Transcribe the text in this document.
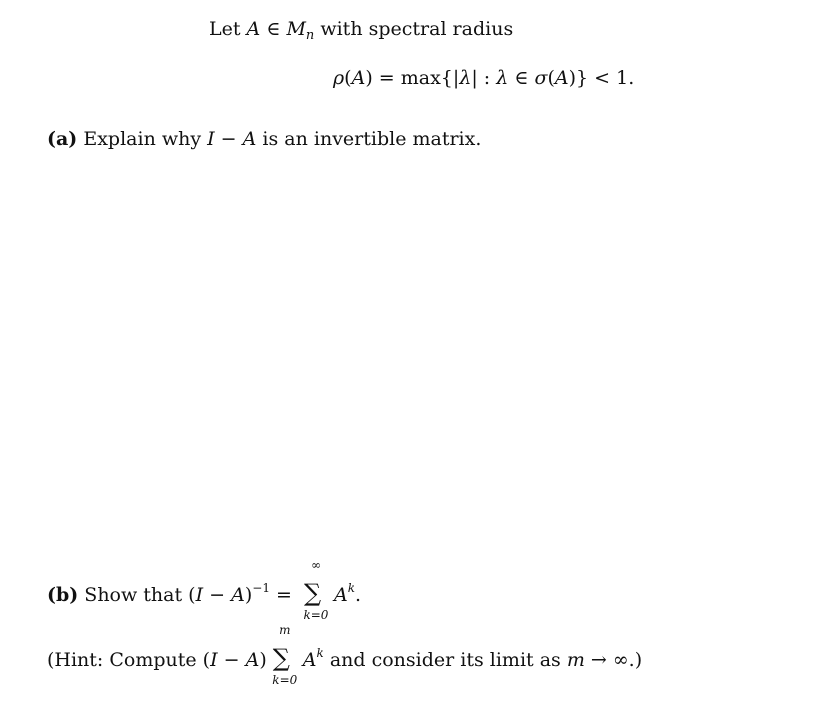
Let A ∈ $M_n$ with spectral radius
ρ(A) = max{|λ| : λ ∈ σ(A)} < 1.
(a) Explain why I − A is an invertible matrix.
(b) Show that $(I - A)^{-1}$ =
∞
∑
k=0
$A^k$.
(Hint: Compute (I − A)
m
∑
k=0
$A^k$ and consider its limit as m → ∞.)
